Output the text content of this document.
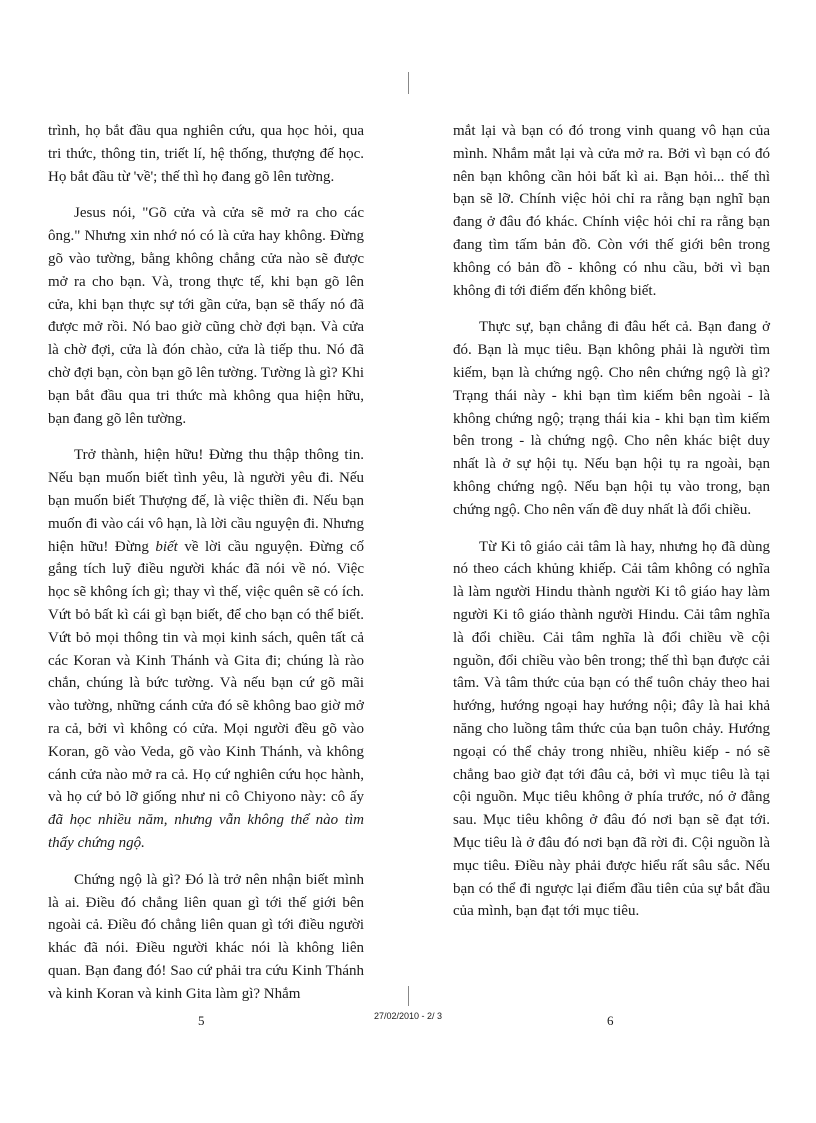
trình, họ bắt đầu qua nghiên cứu, qua học hỏi, qua tri thức, thông tin, triết lí, hệ thống, thượng đế học. Họ bắt đầu từ 'về'; thế thì họ đang gõ lên tường.

Jesus nói, "Gõ cửa và cửa sẽ mở ra cho các ông." Nhưng xin nhớ nó có là cửa hay không. Đừng gõ vào tường, bằng không chẳng cửa nào sẽ được mở ra cho bạn. Và, trong thực tế, khi bạn gõ lên cửa, khi bạn thực sự tới gần cửa, bạn sẽ thấy nó đã được mở rồi. Nó bao giờ cũng chờ đợi bạn. Và cửa là chờ đợi, cửa là đón chào, cửa là tiếp thu. Nó đã chờ đợi bạn, còn bạn gõ lên tường. Tường là gì? Khi bạn bắt đầu qua tri thức mà không qua hiện hữu, bạn đang gõ lên tường.

Trở thành, hiện hữu! Đừng thu thập thông tin. Nếu bạn muốn biết tình yêu, là người yêu đi. Nếu bạn muốn biết Thượng đế, là việc thiền đi. Nếu bạn muốn đi vào cái vô hạn, là lời cầu nguyện đi. Nhưng hiện hữu! Đừng biết về lời cầu nguyện. Đừng cố gắng tích luỹ điều người khác đã nói về nó. Việc học sẽ không ích gì; thay vì thế, việc quên sẽ có ích. Vứt bỏ bất kì cái gì bạn biết, để cho bạn có thể biết. Vứt bỏ mọi thông tin và mọi kinh sách, quên tất cả các Koran và Kinh Thánh và Gita đi; chúng là rào chắn, chúng là bức tường. Và nếu bạn cứ gõ mãi vào tường, những cánh cửa đó sẽ không bao giờ mở ra cả, bởi vì không có cửa. Mọi người đều gõ vào Koran, gõ vào Veda, gõ vào Kinh Thánh, và không cánh cửa nào mở ra cả. Họ cứ nghiên cứu học hành, và họ cứ bỏ lỡ giống như ni cô Chiyono này: cô ấy đã học nhiều năm, nhưng vẫn không thể nào tìm thấy chứng ngộ.

Chứng ngộ là gì? Đó là trở nên nhận biết mình là ai. Điều đó chẳng liên quan gì tới thế giới bên ngoài cả. Điều đó chẳng liên quan gì tới điều người khác đã nói. Điều người khác nói là không liên quan. Bạn đang đó! Sao cứ phải tra cứu Kinh Thánh và kinh Koran và kinh Gita làm gì? Nhắm

mắt lại và bạn có đó trong vinh quang vô hạn của mình. Nhắm mắt lại và cửa mở ra. Bởi vì bạn có đó nên bạn không cần hỏi bất kì ai. Bạn hỏi... thế thì bạn sẽ lỡ. Chính việc hỏi chỉ ra rằng bạn nghĩ bạn đang ở đâu đó khác. Chính việc hỏi chỉ ra rằng bạn đang tìm tấm bản đồ. Còn với thế giới bên trong không có bản đồ - không có nhu cầu, bởi vì bạn không đi tới điểm đến không biết.

Thực sự, bạn chẳng đi đâu hết cả. Bạn đang ở đó. Bạn là mục tiêu. Bạn không phải là người tìm kiếm, bạn là chứng ngộ. Cho nên chứng ngộ là gì? Trạng thái này - khi bạn tìm kiếm bên ngoài - là không chứng ngộ; trạng thái kia - khi bạn tìm kiếm bên trong - là chứng ngộ. Cho nên khác biệt duy nhất là ở sự hội tụ. Nếu bạn hội tụ ra ngoài, bạn không chứng ngộ. Nếu bạn hội tụ vào trong, bạn chứng ngộ. Cho nên vấn đề duy nhất là đổi chiều.

Từ Ki tô giáo cải tâm là hay, nhưng họ đã dùng nó theo cách khủng khiếp. Cải tâm không có nghĩa là làm người Hindu thành người Ki tô giáo hay làm người Ki tô giáo thành người Hindu. Cải tâm nghĩa là đổi chiều. Cải tâm nghĩa là đổi chiều về cội nguồn, đổi chiều vào bên trong; thế thì bạn được cải tâm. Và tâm thức của bạn có thể tuôn chảy theo hai hướng, hướng ngoại hay hướng nội; đây là hai khả năng cho luồng tâm thức của bạn tuôn chảy. Hướng ngoại có thể chảy trong nhiều, nhiều kiếp - nó sẽ chẳng bao giờ đạt tới đâu cả, bởi vì mục tiêu là tại cội nguồn. Mục tiêu không ở phía trước, nó ở đằng sau. Mục tiêu không ở đâu đó nơi bạn sẽ đạt tới. Mục tiêu là ở đâu đó nơi bạn đã rời đi. Cội nguồn là mục tiêu. Điều này phải được hiểu rất sâu sắc. Nếu bạn có thể đi ngược lại điểm đầu tiên của sự bắt đầu của mình, bạn đạt tới mục tiêu.

5	27/02/2010 - 2/ 3	6
